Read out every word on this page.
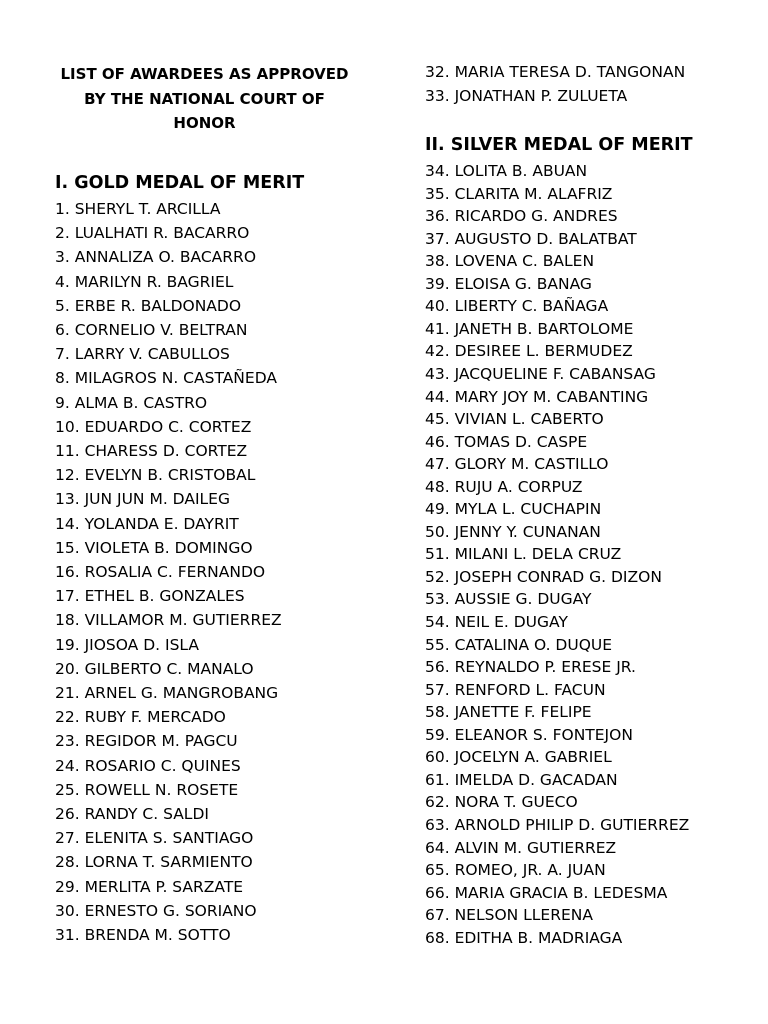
LIST OF AWARDEES AS APPROVED
BY THE NATIONAL COURT OF
HONOR
I. GOLD MEDAL OF MERIT
1. SHERYL T. ARCILLA
2. LUALHATI R. BACARRO
3. ANNALIZA O. BACARRO
4. MARILYN R. BAGRIEL
5. ERBE R. BALDONADO
6. CORNELIO V. BELTRAN
7. LARRY V. CABULLOS
8. MILAGROS N. CASTAÑEDA
9. ALMA B. CASTRO
10. EDUARDO C. CORTEZ
11. CHARESS D. CORTEZ
12. EVELYN B. CRISTOBAL
13. JUN JUN M. DAILEG
14. YOLANDA E. DAYRIT
15. VIOLETA B. DOMINGO
16. ROSALIA C. FERNANDO
17. ETHEL B. GONZALES
18. VILLAMOR M. GUTIERREZ
19. JIOSOA D. ISLA
20. GILBERTO C. MANALO
21. ARNEL G. MANGROBANG
22. RUBY F. MERCADO
23. REGIDOR M. PAGCU
24. ROSARIO C. QUINES
25. ROWELL N. ROSETE
26. RANDY C. SALDI
27. ELENITA S. SANTIAGO
28. LORNA T. SARMIENTO
29. MERLITA P. SARZATE
30. ERNESTO G. SORIANO
31. BRENDA M. SOTTO
32. MARIA TERESA D. TANGONAN
33. JONATHAN P. ZULUETA
II. SILVER MEDAL OF MERIT
34. LOLITA B. ABUAN
35. CLARITA M. ALAFRIZ
36. RICARDO G. ANDRES
37. AUGUSTO D. BALATBAT
38. LOVENA C. BALEN
39. ELOISA G. BANAG
40. LIBERTY C. BAÑAGA
41. JANETH B. BARTOLOME
42. DESIREE L. BERMUDEZ
43. JACQUELINE F. CABANSAG
44. MARY JOY M. CABANTING
45. VIVIAN L. CABERTO
46. TOMAS D. CASPE
47. GLORY M. CASTILLO
48. RUJU A. CORPUZ
49. MYLA L. CUCHAPIN
50. JENNY Y. CUNANAN
51. MILANI L. DELA CRUZ
52. JOSEPH CONRAD G. DIZON
53. AUSSIE G. DUGAY
54. NEIL E. DUGAY
55. CATALINA O. DUQUE
56. REYNALDO P. ERESE JR.
57. RENFORD L. FACUN
58. JANETTE F. FELIPE
59. ELEANOR S. FONTEJON
60. JOCELYN A. GABRIEL
61. IMELDA D. GACADAN
62. NORA T. GUECO
63. ARNOLD PHILIP D. GUTIERREZ
64. ALVIN M. GUTIERREZ
65. ROMEO, JR. A. JUAN
66. MARIA GRACIA B. LEDESMA
67. NELSON LLERENA
68. EDITHA B. MADRIAGA
